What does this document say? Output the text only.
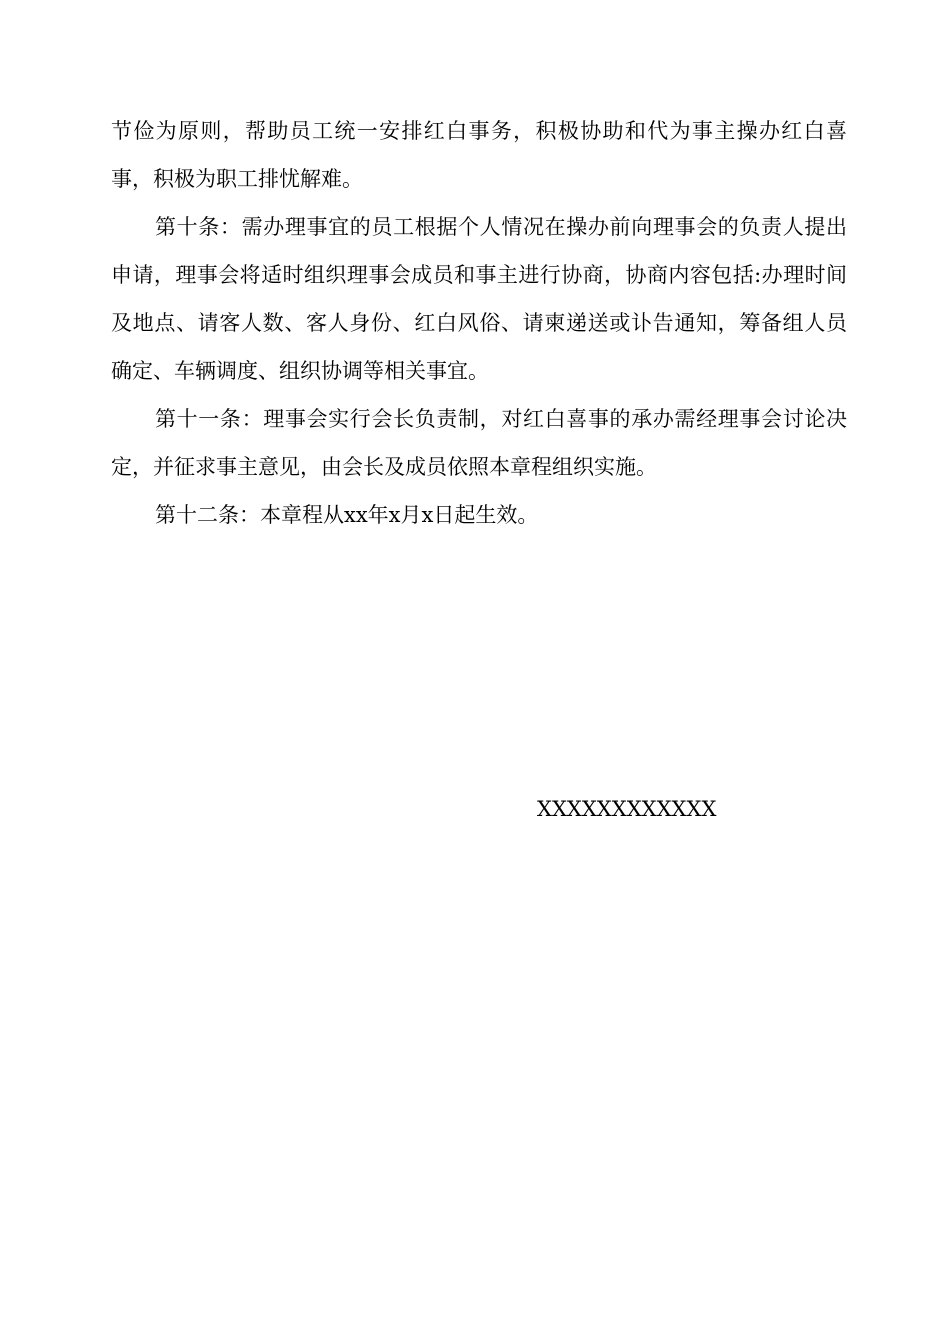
节俭为原则，帮助员工统一安排红白事务，积极协助和代为事主操办红白喜
事，积极为职工排忧解难。
第十条：需办理事宜的员工根据个人情况在操办前向理事会的负责人提出
申请，理事会将适时组织理事会成员和事主进行协商，协商内容包括:办理时间
及地点、请客人数、客人身份、红白风俗、请柬递送或讣告通知，筹备组人员
确定、车辆调度、组织协调等相关事宜。
第十一条：理事会实行会长负责制，对红白喜事的承办需经理事会讨论决
定，并征求事主意见，由会长及成员依照本章程组织实施。
第十二条：本章程从xx年x月x日起生效。
XXXXXXXXXXXX
